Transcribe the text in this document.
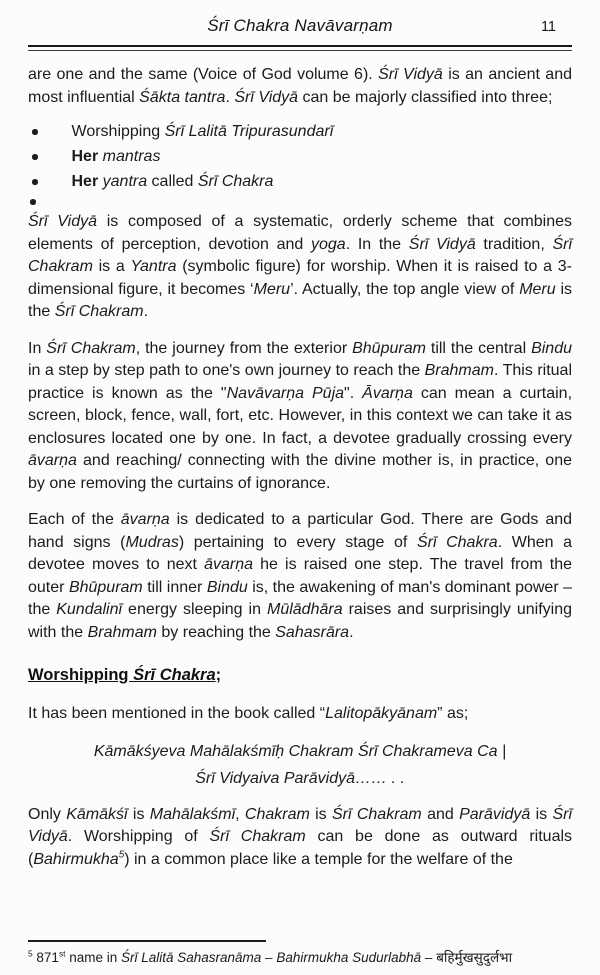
Śrī Chakra Navāvarṇam	11

are one and the same (Voice of God volume 6). Śrī Vidyā is an ancient and most influential Śākta tantra. Śrī Vidyā can be majorly classified into three;

Worshipping Śrī Lalitā Tripurasundarī
Her mantras
Her yantra called Śrī Chakra

Śrī Vidyā is composed of a systematic, orderly scheme that combines elements of perception, devotion and yoga. In the Śrī Vidyā tradition, Śrī Chakram is a Yantra (symbolic figure) for worship. When it is raised to a 3-dimensional figure, it becomes ‘Meru’. Actually, the top angle view of Meru is the Śrī Chakram.

In Śrī Chakram, the journey from the exterior Bhūpuram till the central Bindu in a step by step path to one's own journey to reach the Brahmam. This ritual practice is known as the "Navāvarṇa Pūja". Āvarṇa can mean a curtain, screen, block, fence, wall, fort, etc. However, in this context we can take it as enclosures located one by one. In fact, a devotee gradually crossing every āvarṇa and reaching/ connecting with the divine mother is, in practice, one by one removing the curtains of ignorance.

Each of the āvarṇa is dedicated to a particular God. There are Gods and hand signs (Mudras) pertaining to every stage of Śrī Chakra. When a devotee moves to next āvarṇa he is raised one step. The travel from the outer Bhūpuram till inner Bindu is, the awakening of man's dominant power – the Kundalinī energy sleeping in Mūlādhāra raises and surprisingly unifying with the Brahmam by reaching the Sahasrāra.

Worshipping Śrī Chakra;

It has been mentioned in the book called “Lalitopākyānam” as;

Kāmākśyeva Mahālakśmīḥ Chakram Śrī Chakrameva Ca |
Śrī Vidyaiva Parāvidyā…… . .

Only Kāmākśī is Mahālakśmī, Chakram is Śrī Chakram and Parāvidyā is Śrī Vidyā. Worshipping of Śrī Chakram can be done as outward rituals (Bahirmukha$^5$) in a common place like a temple for the welfare of the

$^5$ 871st name in Śrī Lalitā Sahasranāma – Bahirmukha Sudurlabhā – बहिर्मुखसुदुर्लभा
